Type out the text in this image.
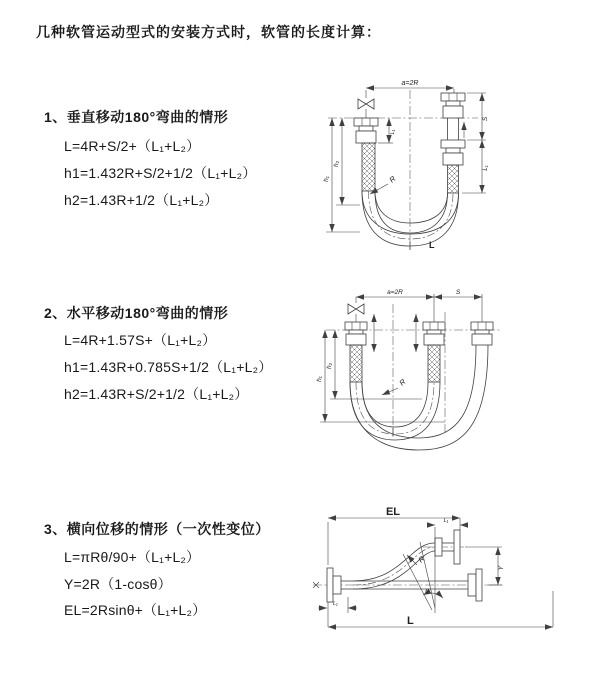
几种软管运动型式的安装方式时，软管的长度计算：
1、垂直移动180°弯曲的情形
L=4R+S/2+（L₁+L₂）
h1=1.432R+S/2+1/2（L₁+L₂）
h2=1.43R+1/2（L₁+L₂）
2、水平移动180°弯曲的情形
L=4R+1.57S+（L₁+L₂）
h1=1.43R+0.785S+1/2（L₁+L₂）
h2=1.43R+S/2+1/2（L₁+L₂）
3、横向位移的情形（一次性变位）
L=πRθ/90+（L₁+L₂）
Y=2R（1-cosθ）
EL=2Rsinθ+（L₁+L₂）
a=2R
S
L₁
L₁
h₁
h₂
R
L
a=2R	S
h₁
h₂
R
EL
L₁
Y
R
θ
L
L₁
